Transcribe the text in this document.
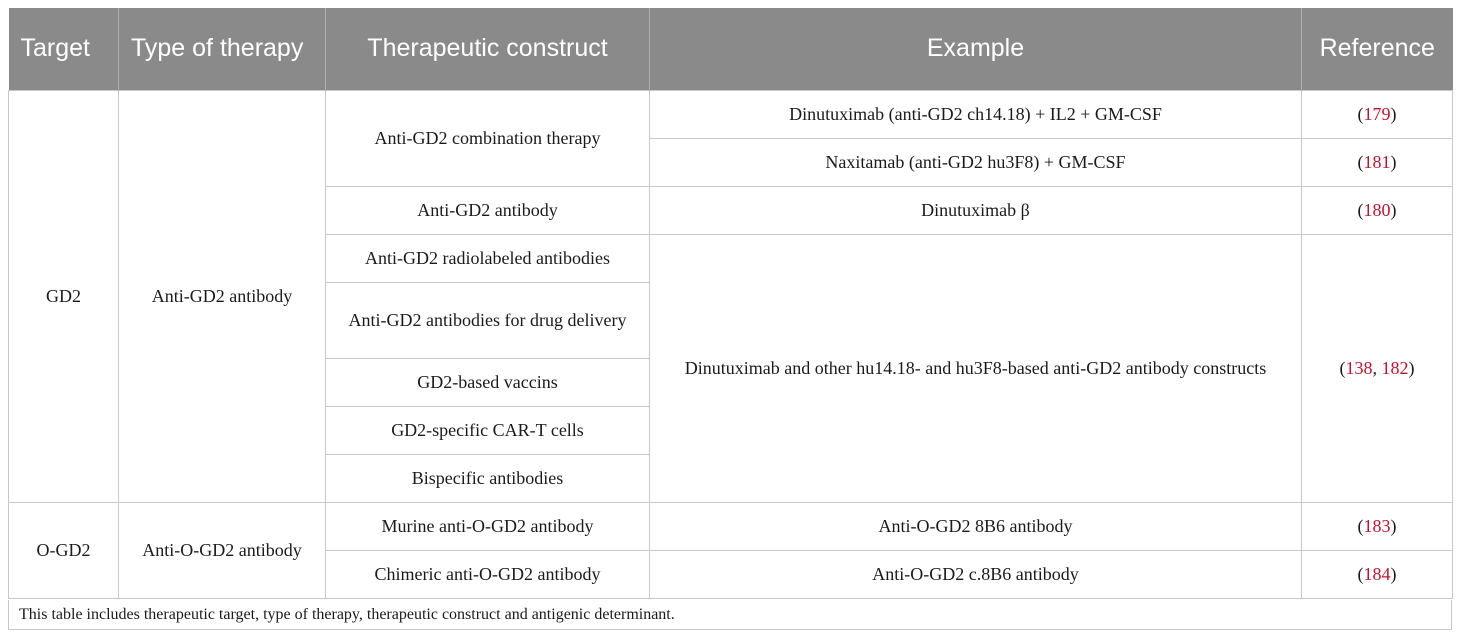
Target	Type of therapy	Therapeutic construct	Example	Reference
GD2	Anti-GD2 antibody	Anti-GD2 combination therapy	Dinutuximab (anti-GD2 ch14.18) + IL2 + GM-CSF	(179)
			Naxitamab (anti-GD2 hu3F8) + GM-CSF	(181)
		Anti-GD2 antibody	Dinutuximab β	(180)
		Anti-GD2 radiolabeled antibodies	Dinutuximab and other hu14.18- and hu3F8-based anti-GD2 antibody constructs	(138, 182)
		Anti-GD2 antibodies for drug delivery		
		GD2-based vaccins		
		GD2-specific CAR-T cells		
		Bispecific antibodies		

O-GD2	Anti-O-GD2 antibody	Murine anti-O-GD2 antibody	Anti-O-GD2 8B6 antibody	(183)
		Chimeric anti-O-GD2 antibody	Anti-O-GD2 c.8B6 antibody	(184)
This table includes therapeutic target, type of therapy, therapeutic construct and antigenic determinant.
